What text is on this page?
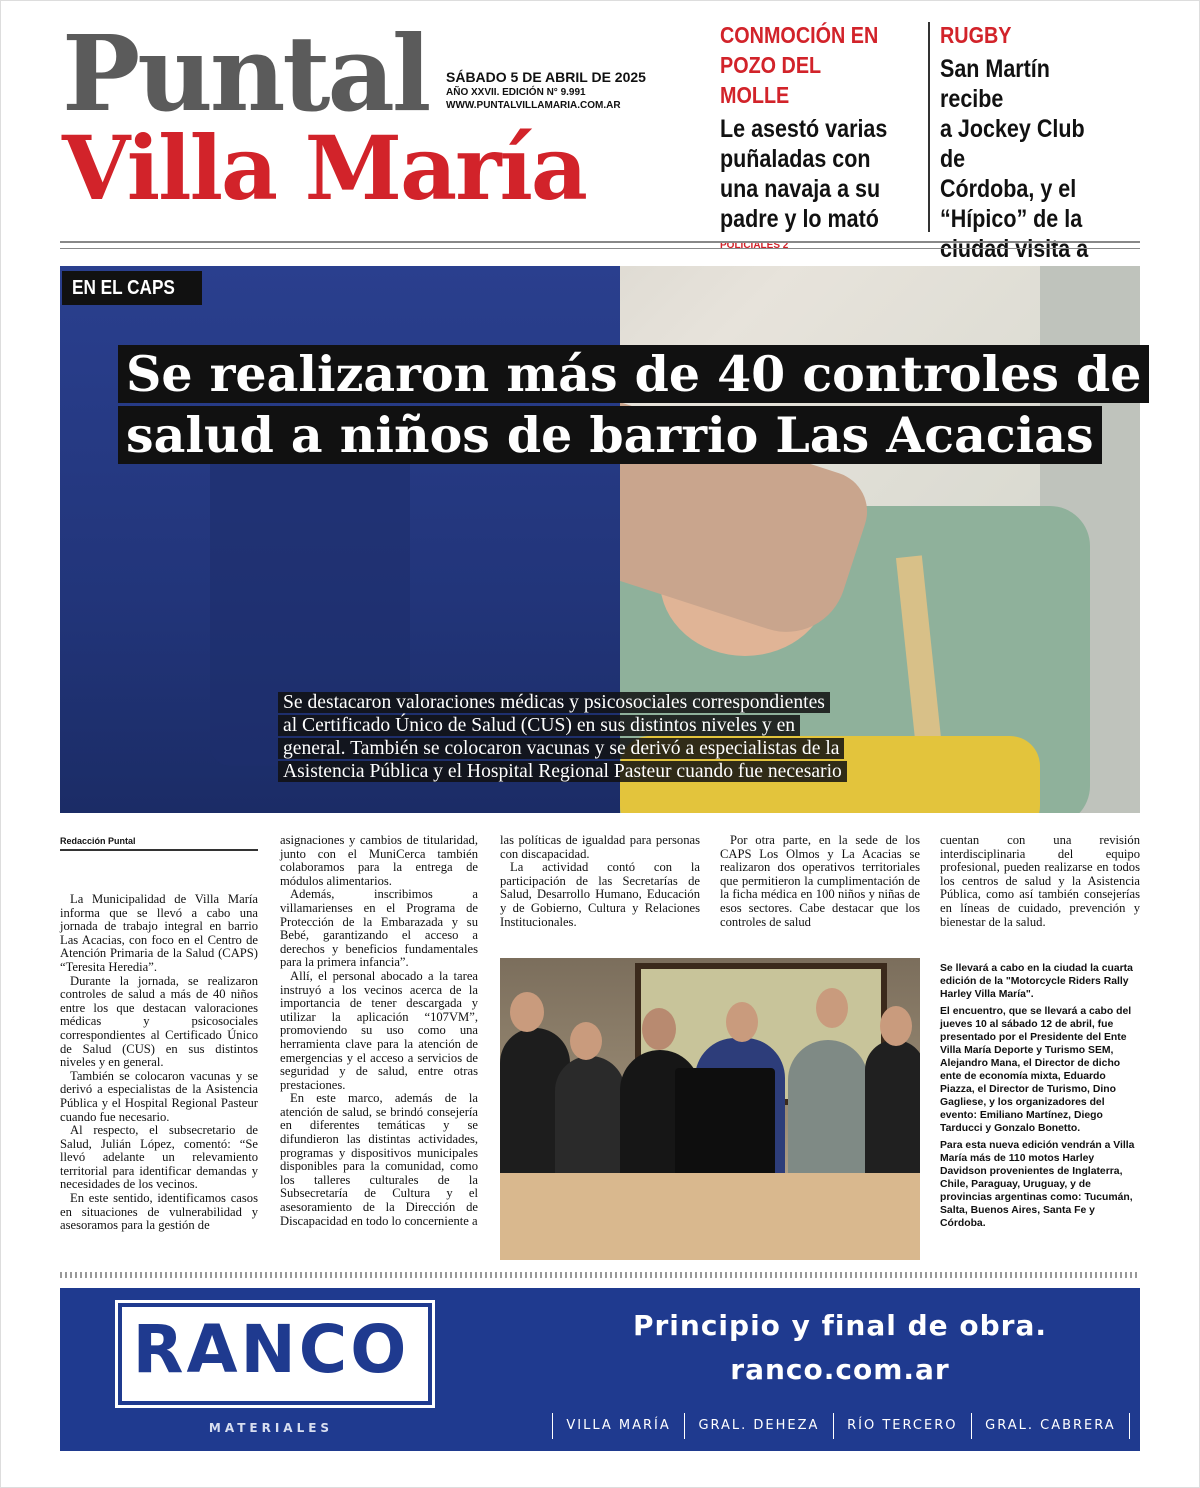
Puntal
Villa María
SÁBADO 5 DE ABRIL DE 2025
AÑO XXVII. EDICIÓN N° 9.991
WWW.PUNTALVILLAMARIA.COM.AR
CONMOCIÓN EN
POZO DEL MOLLE
Le asestó varias
puñaladas con
una navaja a su
padre y lo mató
POLICIALES 2
RUGBY
San Martín recibe
a Jockey Club de
Córdoba, y el
“Hípico” de la
ciudad visita a
EN EL CAPS
Se realizaron más de 40 controles de
salud a niños de barrio Las Acacias
Se destacaron valoraciones médicas y psicosociales correspondientes
al Certificado Único de Salud (CUS) en sus distintos niveles y en
general. También se colocaron vacunas y se derivó a especialistas de la
Asistencia Pública y el Hospital Regional Pasteur cuando fue necesario
Redacción Puntal

La Municipalidad de Villa María informa que se llevó a cabo una jornada de trabajo integral en barrio Las Acacias, con foco en el Centro de Atención Primaria de la Salud (CAPS) “Teresita Heredia”.

Durante la jornada, se realizaron controles de salud a más de 40 niños entre los que destacan valoraciones médicas y psicosociales correspondientes al Certificado Único de Salud (CUS) en sus distintos niveles y en general.

También se colocaron vacunas y se derivó a especialistas de la Asistencia Pública y el Hospital Regional Pasteur cuando fue necesario.

Al respecto, el subsecretario de Salud, Julián López, comentó: “Se llevó adelante un relevamiento territorial para identificar demandas y necesidades de los vecinos.

En este sentido, identificamos casos en situaciones de vulnerabilidad y asesoramos para la gestión de

asignaciones y cambios de titularidad, junto con el MuniCerca también colaboramos para la entrega de módulos alimentarios.

Además, inscribimos a villamarienses en el Programa de Protección de la Embarazada y su Bebé, garantizando el acceso a derechos y beneficios fundamentales para la primera infancia”.

Allí, el personal abocado a la tarea instruyó a los vecinos acerca de la importancia de tener descargada y utilizar la aplicación “107VM”, promoviendo su uso como una herramienta clave para la atención de emergencias y el acceso a servicios de seguridad y de salud, entre otras prestaciones.

En este marco, además de la atención de salud, se brindó consejería en diferentes temáticas y se difundieron las distintas actividades, programas y dispositivos municipales disponibles para la comunidad, como los talleres culturales de la Subsecretaría de Cultura y el asesoramiento de la Dirección de Discapacidad en todo lo concerniente a

las políticas de igualdad para personas con discapacidad.

La actividad contó con la participación de las Secretarías de Salud, Desarrollo Humano, Educación y de Gobierno, Cultura y Relaciones Institucionales.

Por otra parte, en la sede de los CAPS Los Olmos y La Acacias se realizaron dos operativos territoriales que permitieron la cumplimentación de la ficha médica en 100 niños y niñas de esos sectores. Cabe destacar que los controles de salud

cuentan con una revisión interdisciplinaria del equipo profesional, pueden realizarse en todos los centros de salud y la Asistencia Pública, como así también consejerías en líneas de cuidado, prevención y bienestar de la salud.

Se llevará a cabo en la ciudad la cuarta edición de la "Motorcycle Riders Rally Harley Villa María".

El encuentro, que se llevará a cabo del jueves 10 al sábado 12 de abril, fue presentado por el Presidente del Ente Villa María Deporte y Turismo SEM, Alejandro Mana, el Director de dicho ente de economía mixta, Eduardo Piazza, el Director de Turismo, Dino Gagliese, y los organizadores del evento: Emiliano Martínez, Diego Tarducci y Gonzalo Bonetto.

Para esta nueva edición vendrán a Villa María más de 110 motos Harley Davidson provenientes de Inglaterra, Chile, Paraguay, Uruguay, y de provincias argentinas como: Tucumán, Salta, Buenos Aires, Santa Fe y Córdoba.

RANCO
MATERIALES
Principio y final de obra.
ranco.com.ar
VILLA MARÍA	GRAL. DEHEZA	RÍO TERCERO	GRAL. CABRERA
